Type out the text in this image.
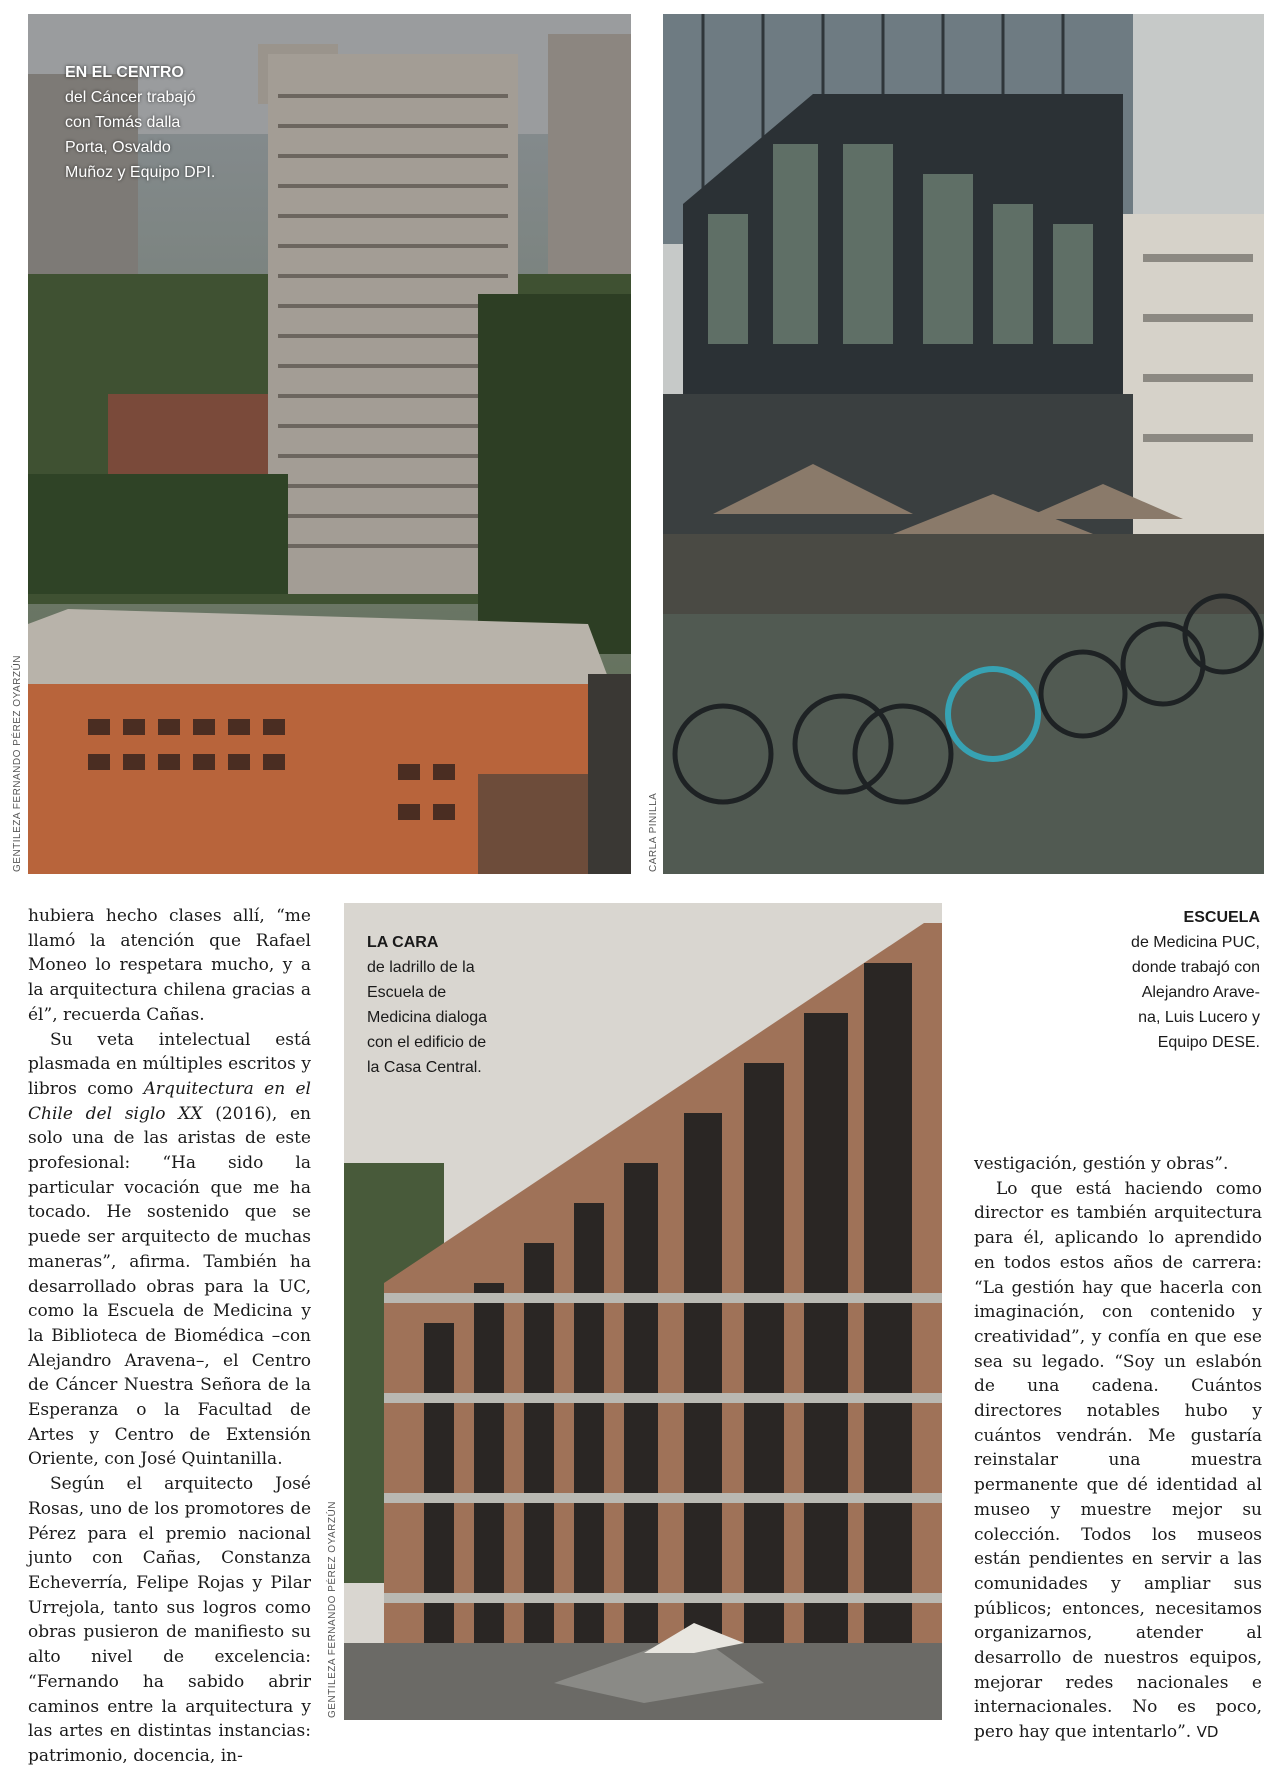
EN EL CENTRO
del Cáncer trabajó
con Tomás dalla
Porta, Osvaldo
Muñoz y Equipo DPI.
GENTILEZA FERNANDO PÉREZ OYARZÚN	CARLA PINILLA
LA CARA
de ladrillo de la
Escuela de
Medicina dialoga
con el edificio de
la Casa Central.
GENTILEZA FERNANDO PÉREZ OYARZÚN
ESCUELA
de Medicina PUC,
donde trabajó con
Alejandro Arave-
na, Luis Lucero y
Equipo DESE.

hubiera hecho clases allí, “me llamó la atención que Rafael Moneo lo respetara mucho, y a la arquitectura chilena gracias a él”, recuerda Cañas.

Su veta intelectual está plasmada en múltiples escritos y libros como Arquitectura en el Chile del siglo XX (2016), en solo una de las aristas de este profesional: “Ha sido la particular vocación que me ha tocado. He sostenido que se puede ser arquitecto de muchas maneras”, afirma. También ha desarrollado obras para la UC, como la Escuela de Medicina y la Biblioteca de Biomédica –con Alejandro Aravena–, el Centro de Cáncer Nuestra Señora de la Esperanza o la Facultad de Artes y Centro de Extensión Oriente, con José Quintanilla.

Según el arquitecto José Rosas, uno de los promotores de Pérez para el premio nacional junto con Cañas, Constanza Echeverría, Felipe Rojas y Pilar Urrejola, tanto sus logros como obras pusieron de manifiesto su alto nivel de excelencia: “Fernando ha sabido abrir caminos entre la arquitectura y las artes en distintas instancias: patrimonio, docencia, in-

vestigación, gestión y obras”.

Lo que está haciendo como director es también arquitectura para él, aplicando lo aprendido en todos estos años de carrera: “La gestión hay que hacerla con imaginación, con contenido y creatividad”, y confía en que ese sea su legado. “Soy un eslabón de una cadena. Cuántos directores notables hubo y cuántos vendrán. Me gustaría reinstalar una muestra permanente que dé identidad al museo y muestre mejor su colección. Todos los museos están pendientes en servir a las comunidades y ampliar sus públicos; entonces, necesitamos organizarnos, atender al desarrollo de nuestros equipos, mejorar redes nacionales e internacionales. No es poco, pero hay que intentarlo”. VD
